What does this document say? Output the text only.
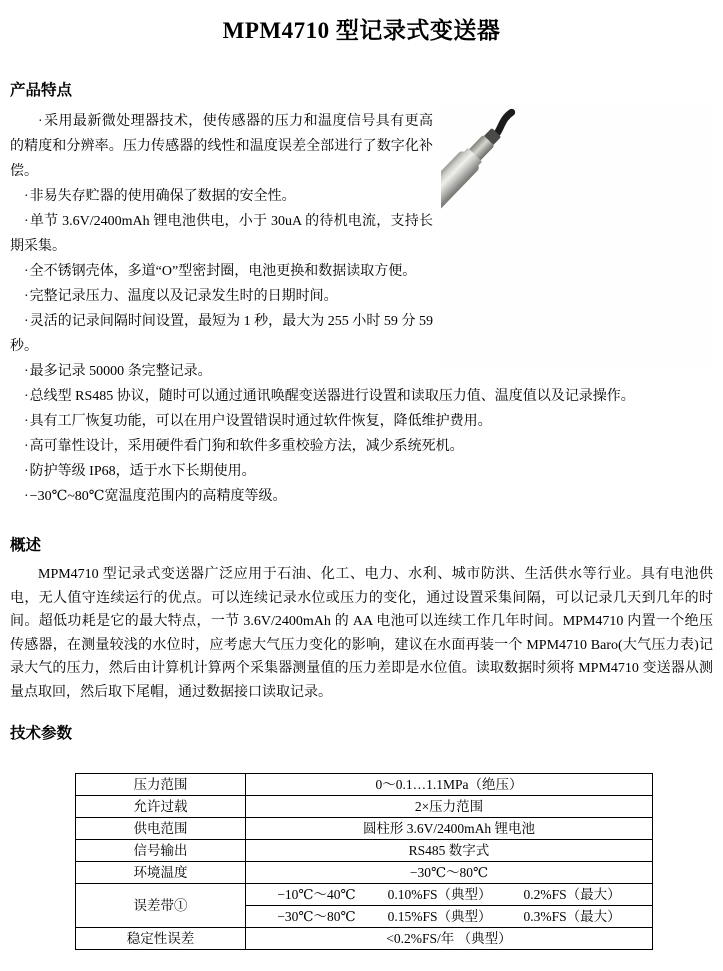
MPM4710 型记录式变送器
产品特点

· 采用最新微处理器技术，使传感器的压力和温度信号具有更高的精度和分辨率。压力传感器的线性和温度误差全部进行了数字化补偿。

· 非易失存贮器的使用确保了数据的安全性。

· 单节 3.6V/2400mAh 锂电池供电，小于 30uA 的待机电流，支持长期采集。

· 全不锈钢壳体，多道“O”型密封圈，电池更换和数据读取方便。

· 完整记录压力、温度以及记录发生时的日期时间。

· 灵活的记录间隔时间设置，最短为 1 秒，最大为 255 小时 59 分 59 秒。

· 最多记录 50000 条完整记录。

· 总线型 RS485 协议，随时可以通过通讯唤醒变送器进行设置和读取压力值、温度值以及记录操作。

· 具有工厂恢复功能，可以在用户设置错误时通过软件恢复，降低维护费用。

· 高可靠性设计，采用硬件看门狗和软件多重校验方法，减少系统死机。

· 防护等级 IP68，适于水下长期使用。

· −30℃~80℃宽温度范围内的高精度等级。

概述

MPM4710 型记录式变送器广泛应用于石油、化工、电力、水利、城市防洪、生活供水等行业。具有电池供电，无人值守连续运行的优点。可以连续记录水位或压力的变化，通过设置采集间隔，可以记录几天到几年的时间。超低功耗是它的最大特点，一节 3.6V/2400mAh 的 AA 电池可以连续工作几年时间。MPM4710 内置一个绝压传感器，在测量较浅的水位时，应考虑大气压力变化的影响，建议在水面再装一个 MPM4710 Baro(大气压力表)记录大气的压力，然后由计算机计算两个采集器测量值的压力差即是水位值。读取数据时须将 MPM4710 变送器从测量点取回，然后取下尾帽，通过数据接口读取记录。

技术参数
压力范围	0～0.1…1.1MPa（绝压）
允许过载	2×压力范围
供电范围	圆柱形 3.6V/2400mAh 锂电池
信号输出	RS485 数字式
环境温度	−30℃～80℃
误差带①	−10℃～40℃ 0.10%FS（典型） 0.2%FS（最大）
	−30℃～80℃ 0.15%FS（典型） 0.3%FS（最大）
稳定性误差	<0.2%FS/年 （典型）
